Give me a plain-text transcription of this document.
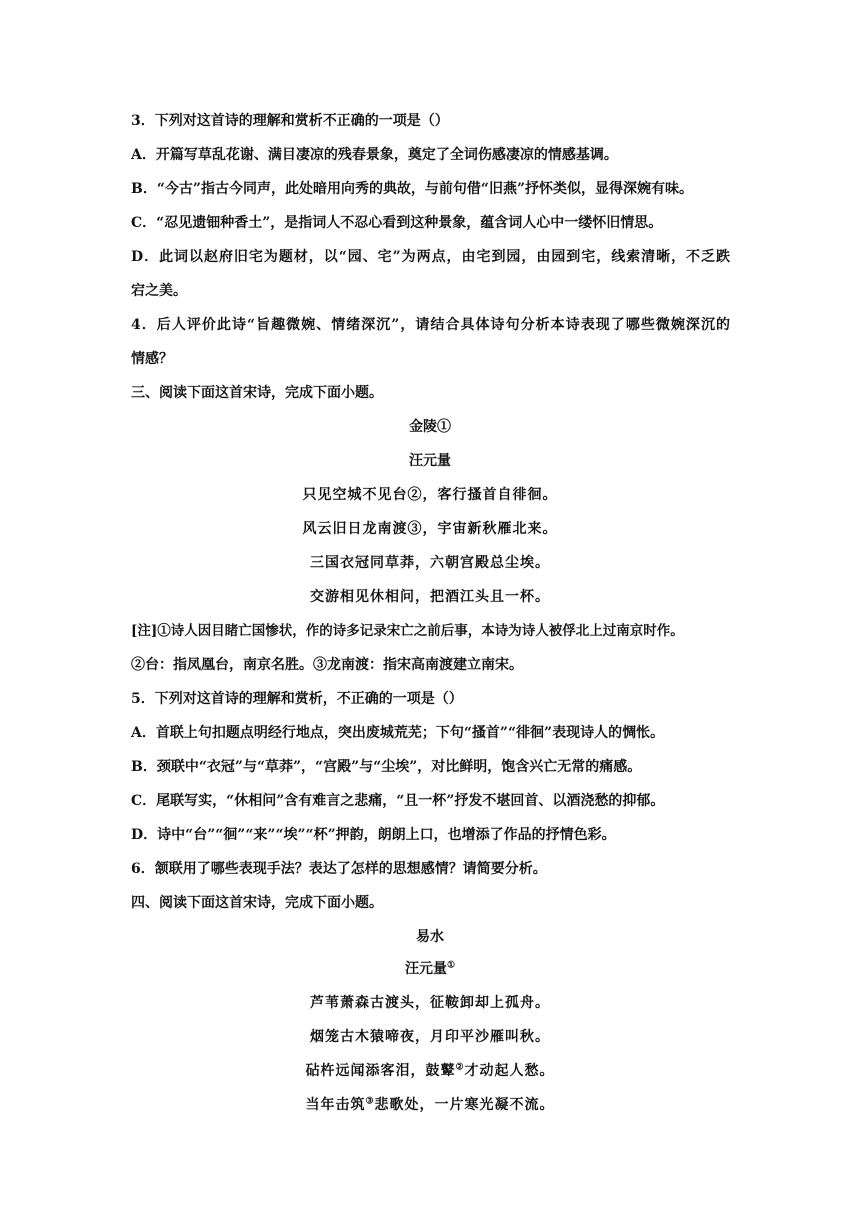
3．下列对这首诗的理解和赏析不正确的一项是（）
A．开篇写草乱花谢、满目凄凉的残春景象，奠定了全词伤感凄凉的情感基调。
B．“今古”指古今同声，此处暗用向秀的典故，与前句借“旧燕”抒怀类似，显得深婉有味。
C．“忍见遗钿种香土”，是指词人不忍心看到这种景象，蕴含词人心中一缕怀旧情思。
D．此词以赵府旧宅为题材，以“园、宅”为两点，由宅到园，由园到宅，线索清晰，不乏跌
宕之美。
4．后人评价此诗“旨趣微婉、情绪深沉”，请结合具体诗句分析本诗表现了哪些微婉深沉的
情感？
三、阅读下面这首宋诗，完成下面小题。
金陵①
汪元量
只见空城不见台②，客行搔首自徘徊。
风云旧日龙南渡③，宇宙新秋雁北来。
三国衣冠同草莽，六朝宫殿总尘埃。
交游相见休相问，把酒江头且一杯。
[注]①诗人因目睹亡国惨状，作的诗多记录宋亡之前后事，本诗为诗人被俘北上过南京时作。
②台：指凤凰台，南京名胜。③龙南渡：指宋高南渡建立南宋。
5．下列对这首诗的理解和赏析，不正确的一项是（）
A．首联上句扣题点明经行地点，突出废城荒芜；下句“搔首”“徘徊”表现诗人的惆怅。
B．颈联中“衣冠”与“草莽”，“宫殿”与“尘埃”，对比鲜明，饱含兴亡无常的痛感。
C．尾联写实，“休相问”含有难言之悲痛，“且一杯”抒发不堪回首、以酒浇愁的抑郁。
D．诗中“台”“徊”“来”“埃”“杯”押韵，朗朗上口，也增添了作品的抒情色彩。
6．颔联用了哪些表现手法？表达了怎样的思想感情？请简要分析。
四、阅读下面这首宋诗，完成下面小题。
易水
汪元量①
芦苇萧森古渡头，征鞍卸却上孤舟。
烟笼古木猿啼夜，月印平沙雁叫秋。
砧杵远闻添客泪，鼓鼙②才动起人愁。
当年击筑③悲歌处，一片寒光凝不流。
